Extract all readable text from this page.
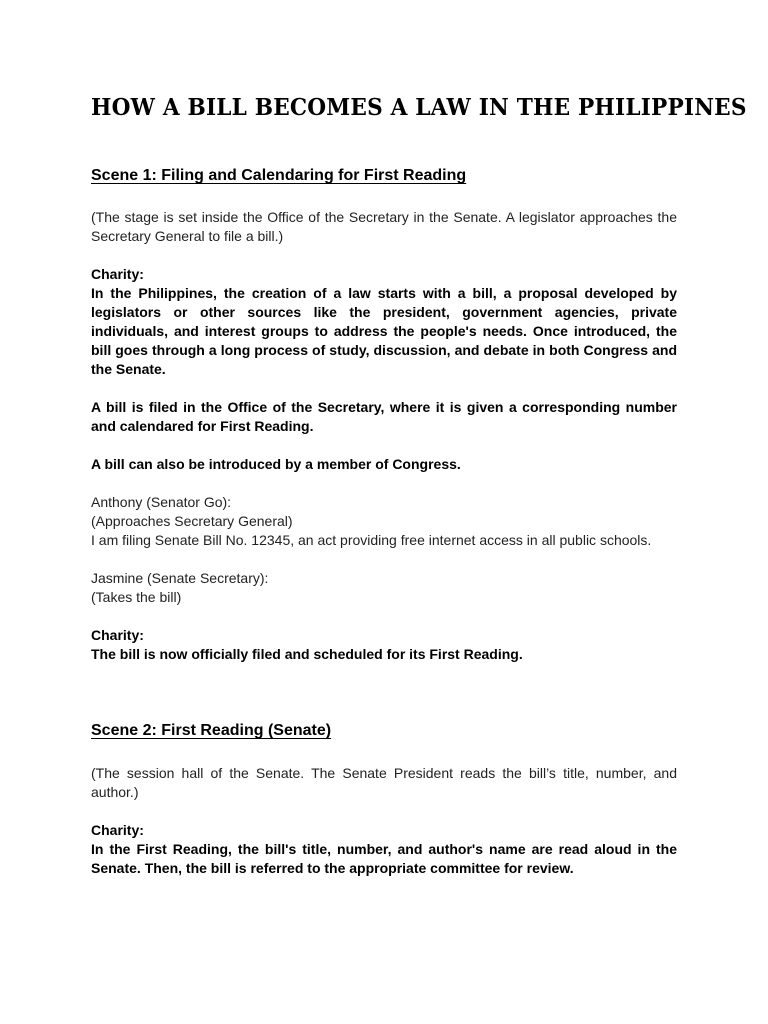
HOW A BILL BECOMES A LAW IN THE PHILIPPINES
Scene 1: Filing and Calendaring for First Reading

(The stage is set inside the Office of the Secretary in the Senate. A legislator approaches the Secretary General to file a bill.)

Charity:

In the Philippines, the creation of a law starts with a bill, a proposal developed by legislators or other sources like the president, government agencies, private individuals, and interest groups to address the people's needs. Once introduced, the bill goes through a long process of study, discussion, and debate in both Congress and the Senate.

A bill is filed in the Office of the Secretary, where it is given a corresponding number and calendared for First Reading.

A bill can also be introduced by a member of Congress.

Anthony (Senator Go):

(Approaches Secretary General)

I am filing Senate Bill No. 12345, an act providing free internet access in all public schools.

Jasmine (Senate Secretary):

(Takes the bill)

Charity:

The bill is now officially filed and scheduled for its First Reading.

Scene 2: First Reading (Senate)

(The session hall of the Senate. The Senate President reads the bill’s title, number, and author.)

Charity:

In the First Reading, the bill's title, number, and author's name are read aloud in the Senate. Then, the bill is referred to the appropriate committee for review.
